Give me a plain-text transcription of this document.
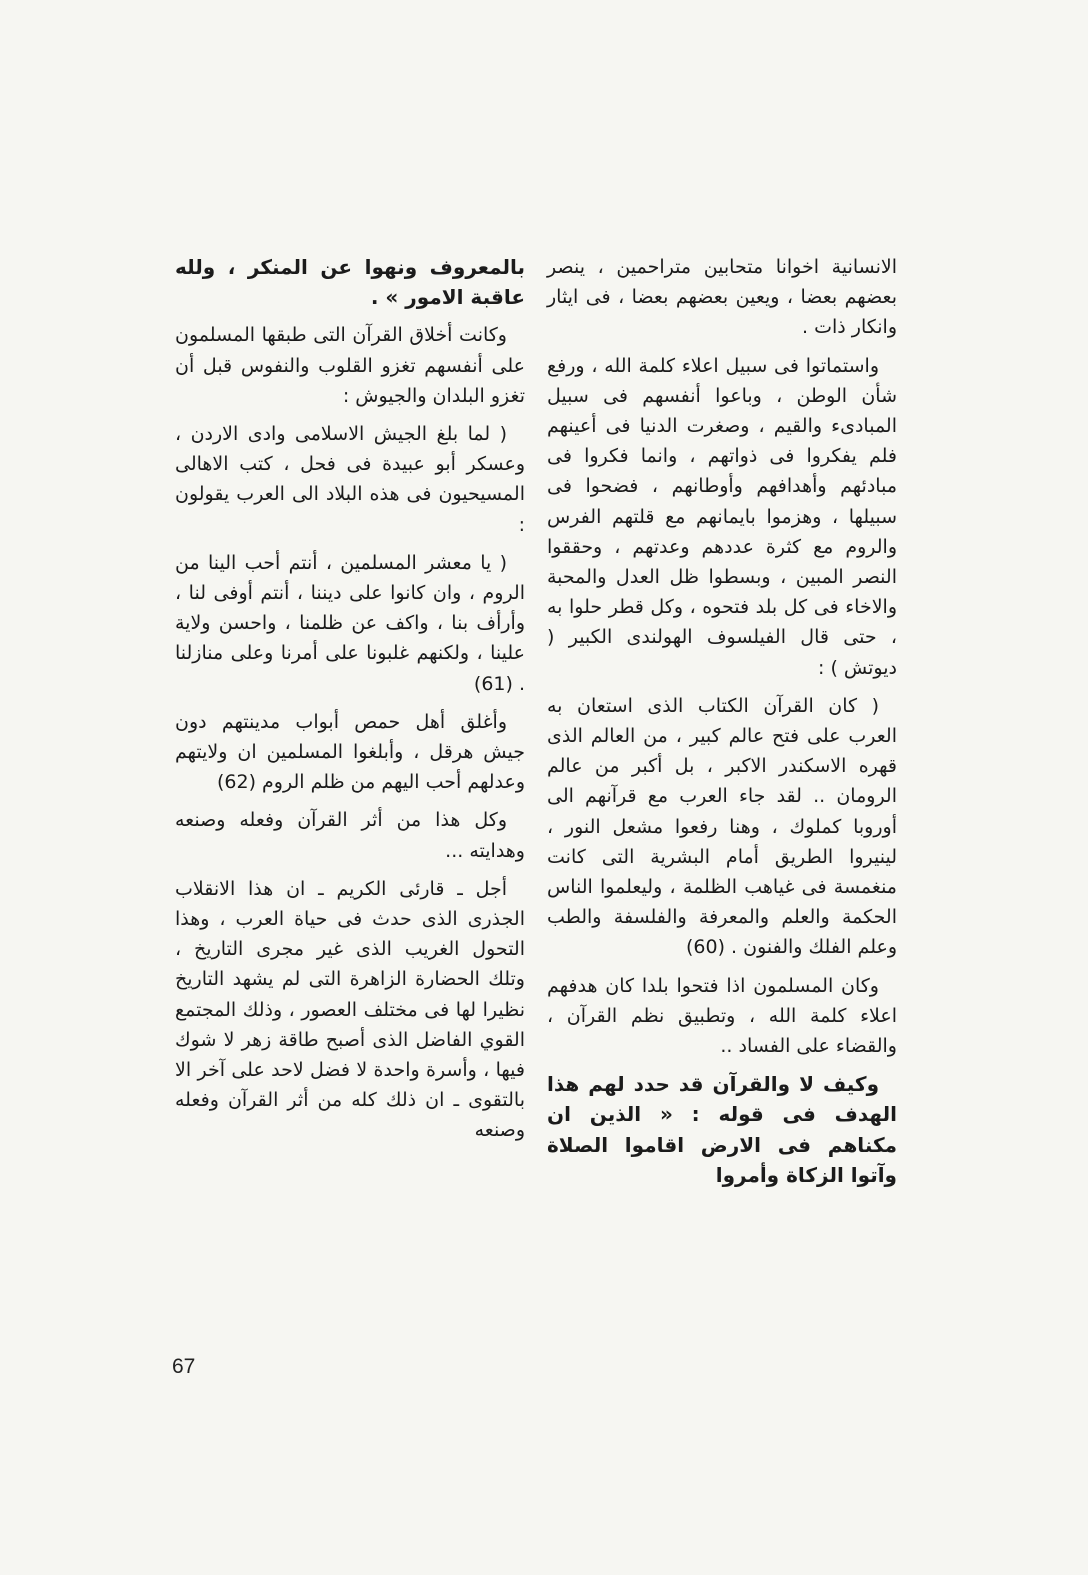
الانسانية اخوانا متحابين متراحمين ، ينصر بعضهم بعضا ، ويعين بعضهم بعضا ، فى ايثار وانكار ذات .

واستماتوا فى سبيل اعلاء كلمة الله ، ورفع شأن الوطن ، وباعوا أنفسهم فى سبيل المبادىء والقيم ، وصغرت الدنيا فى أعينهم فلم يفكروا فى ذواتهم ، وانما فكروا فى مبادئهم وأهدافهم وأوطانهم ، فضحوا فى سبيلها ، وهزموا بايمانهم مع قلتهم الفرس والروم مع كثرة عددهم وعدتهم ، وحققوا النصر المبين ، وبسطوا ظل العدل والمحبة والاخاء فى كل بلد فتحوه ، وكل قطر حلوا به ، حتى قال الفيلسوف الهولندى الكبير ( ديوتش ) :

( كان القرآن الكتاب الذى استعان به العرب على فتح عالم كبير ، من العالم الذى قهره الاسكندر الاكبر ، بل أكبر من عالم الرومان .. لقد جاء العرب مع قرآنهم الى أوروبا كملوك ، وهنا رفعوا مشعل النور ، لينيروا الطريق أمام البشرية التى كانت منغمسة فى غياهب الظلمة ، وليعلموا الناس الحكمة والعلم والمعرفة والفلسفة والطب وعلم الفلك والفنون . (60)

وكان المسلمون اذا فتحوا بلدا كان هدفهم اعلاء كلمة الله ، وتطبيق نظم القرآن ، والقضاء على الفساد ..

وكيف لا والقرآن قد حدد لهم هذا الهدف فى قوله : « الذين ان مكناهم فى الارض اقاموا الصلاة وآتوا الزكاة وأمروا

بالمعروف ونهوا عن المنكر ، ولله عاقبة الامور » .

وكانت أخلاق القرآن التى طبقها المسلمون على أنفسهم تغزو القلوب والنفوس قبل أن تغزو البلدان والجيوش :

( لما بلغ الجيش الاسلامى وادى الاردن ، وعسكر أبو عبيدة فى فحل ، كتب الاهالى المسيحيون فى هذه البلاد الى العرب يقولون :

( يا معشر المسلمين ، أنتم أحب الينا من الروم ، وان كانوا على ديننا ، أنتم أوفى لنا ، وأرأف بنا ، واكف عن ظلمنا ، واحسن ولاية علينا ، ولكنهم غلبونا على أمرنا وعلى منازلنا . (61)

وأغلق أهل حمص أبواب مدينتهم دون جيش هرقل ، وأبلغوا المسلمين ان ولايتهم وعدلهم أحب اليهم من ظلم الروم (62)

وكل هذا من أثر القرآن وفعله وصنعه وهدايته ...

أجل ـ قارئى الكريم ـ ان هذا الانقلاب الجذرى الذى حدث فى حياة العرب ، وهذا التحول الغريب الذى غير مجرى التاريخ ، وتلك الحضارة الزاهرة التى لم يشهد التاريخ نظيرا لها فى مختلف العصور ، وذلك المجتمع القوي الفاضل الذى أصبح طاقة زهر لا شوك فيها ، وأسرة واحدة لا فضل لاحد على آخر الا بالتقوى ـ ان ذلك كله من أثر القرآن وفعله وصنعه

67
